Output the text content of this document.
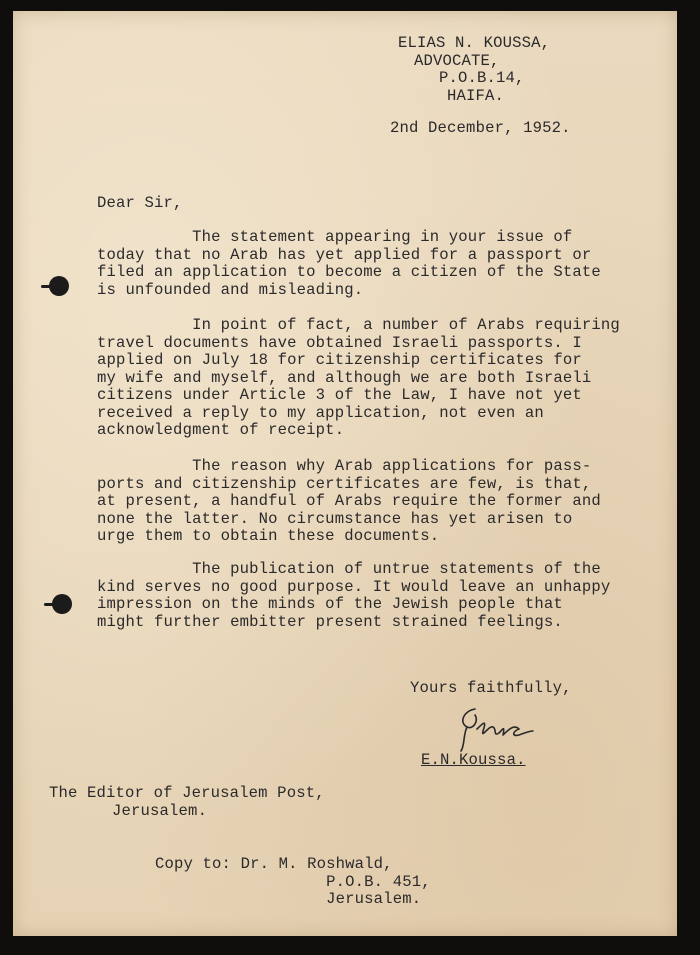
ELIAS N. KOUSSA,
ADVOCATE,
P.O.B.14,
HAIFA.
2nd December, 1952.
Dear Sir,
The statement appearing in your issue of
today that no Arab has yet applied for a passport or
filed an application to become a citizen of the State
is unfounded and misleading.
In point of fact, a number of Arabs requiring
travel documents have obtained Israeli passports. I
applied on July 18 for citizenship certificates for
my wife and myself, and although we are both Israeli
citizens under Article 3 of the Law, I have not yet
received a reply to my application, not even an
acknowledgment of receipt.
The reason why Arab applications for pass-
ports and citizenship certificates are few, is that,
at present, a handful of Arabs require the former and
none the latter. No circumstance has yet arisen to
urge them to obtain these documents.
The publication of untrue statements of the
kind serves no good purpose. It would leave an unhappy
impression on the minds of the Jewish people that
might further embitter present strained feelings.
Yours faithfully,
E.N.Koussa.
The Editor of Jerusalem Post,
Jerusalem.
Copy to: Dr. M. Roshwald,
P.O.B. 451,
Jerusalem.
